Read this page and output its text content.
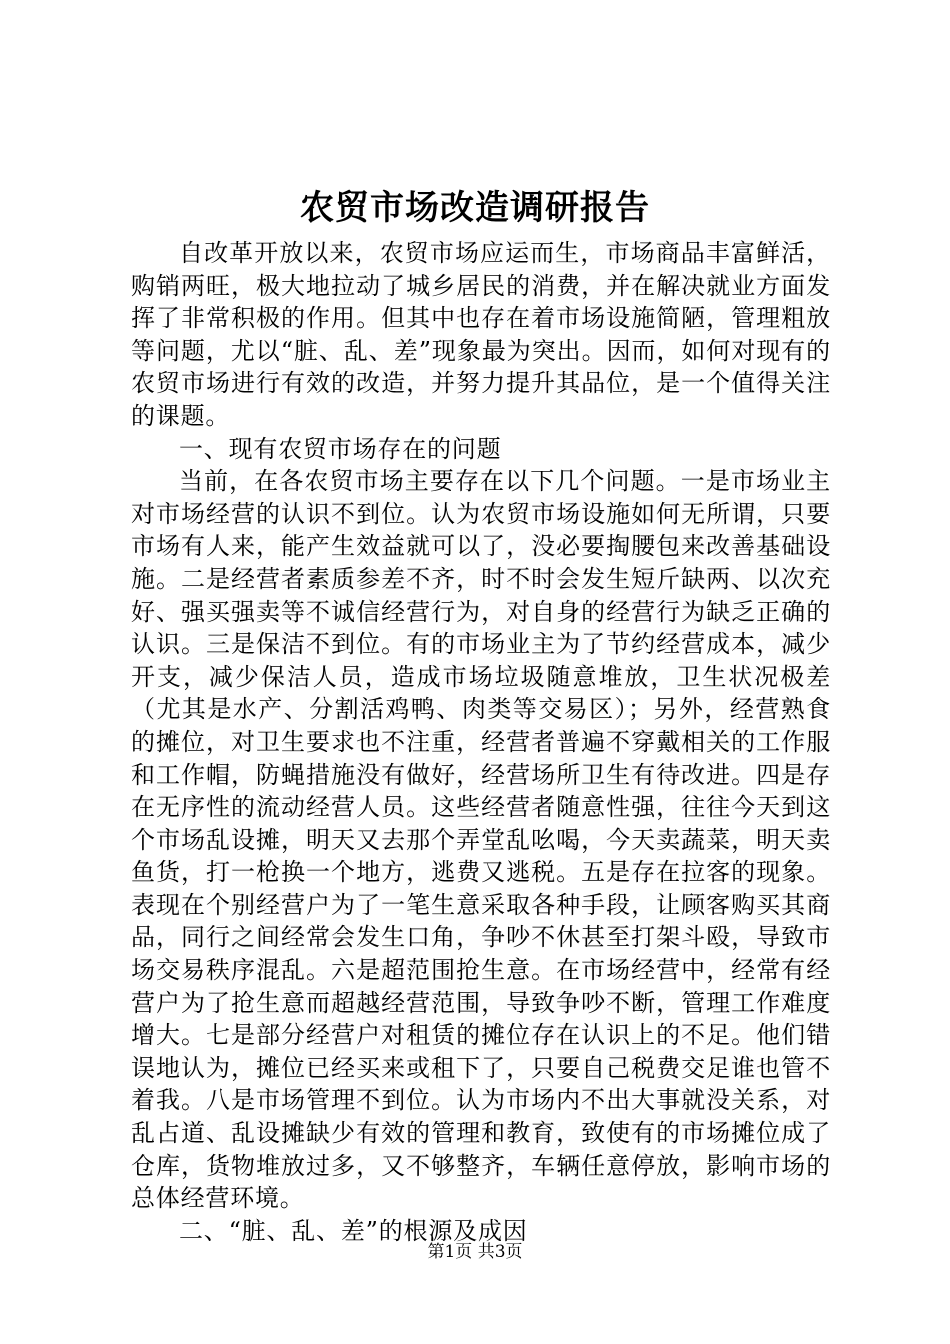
农贸市场改造调研报告

自改革开放以来，农贸市场应运而生，市场商品丰富鲜活，购销两旺，极大地拉动了城乡居民的消费，并在解决就业方面发挥了非常积极的作用。但其中也存在着市场设施简陋，管理粗放等问题，尤以“脏、乱、差”现象最为突出。因而，如何对现有的农贸市场进行有效的改造，并努力提升其品位，是一个值得关注的课题。

一、现有农贸市场存在的问题

当前，在各农贸市场主要存在以下几个问题。一是市场业主对市场经营的认识不到位。认为农贸市场设施如何无所谓，只要市场有人来，能产生效益就可以了，没必要掏腰包来改善基础设施。二是经营者素质参差不齐，时不时会发生短斤缺两、以次充好、强买强卖等不诚信经营行为，对自身的经营行为缺乏正确的认识。三是保洁不到位。有的市场业主为了节约经营成本，减少开支，减少保洁人员，造成市场垃圾随意堆放，卫生状况极差（尤其是水产、分割活鸡鸭、肉类等交易区）；另外，经营熟食的摊位，对卫生要求也不注重，经营者普遍不穿戴相关的工作服和工作帽，防蝇措施没有做好，经营场所卫生有待改进。四是存在无序性的流动经营人员。这些经营者随意性强，往往今天到这个市场乱设摊，明天又去那个弄堂乱吆喝，今天卖蔬菜，明天卖鱼货，打一枪换一个地方，逃费又逃税。五是存在拉客的现象。表现在个别经营户为了一笔生意采取各种手段，让顾客购买其商品，同行之间经常会发生口角，争吵不休甚至打架斗殴，导致市场交易秩序混乱。六是超范围抢生意。在市场经营中，经常有经营户为了抢生意而超越经营范围，导致争吵不断，管理工作难度增大。七是部分经营户对租赁的摊位存在认识上的不足。他们错误地认为，摊位已经买来或租下了，只要自己税费交足谁也管不着我。八是市场管理不到位。认为市场内不出大事就没关系，对乱占道、乱设摊缺少有效的管理和教育，致使有的市场摊位成了仓库，货物堆放过多，又不够整齐，车辆任意停放，影响市场的总体经营环境。

二、“脏、乱、差”的根源及成因

第1页 共3页
